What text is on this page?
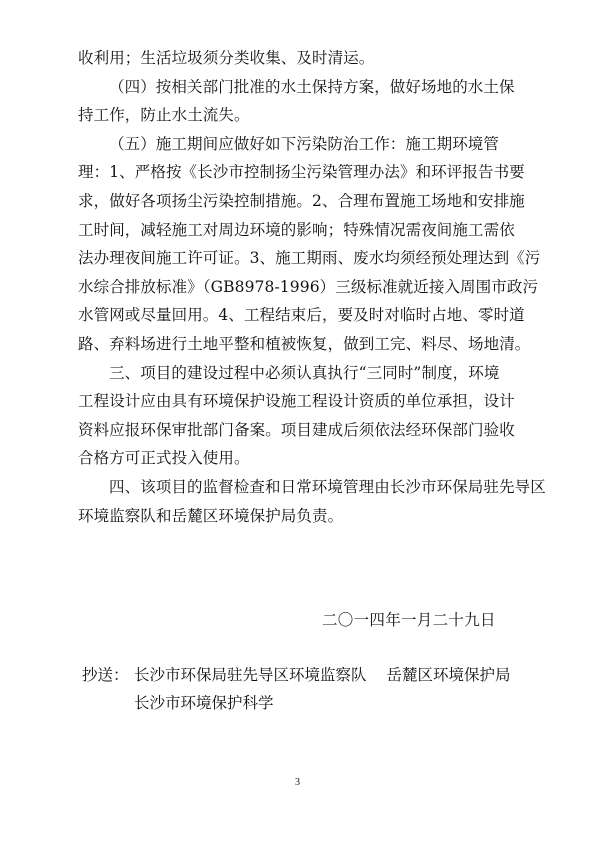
收利用；生活垃圾须分类收集、及时清运。

（四）按相关部门批准的水土保持方案，做好场地的水土保
持工作，防止水土流失。

（五）施工期间应做好如下污染防治工作：施工期环境管
理：1、严格按《长沙市控制扬尘污染管理办法》和环评报告书要
求，做好各项扬尘污染控制措施。2、合理布置施工场地和安排施
工时间，减轻施工对周边环境的影响；特殊情况需夜间施工需依
法办理夜间施工许可证。3、施工期雨、废水均须经预处理达到《污
水综合排放标准》（GB8978-1996）三级标准就近接入周围市政污
水管网或尽量回用。4、工程结束后，要及时对临时占地、零时道
路、弃料场进行土地平整和植被恢复，做到工完、料尽、场地清。

三、项目的建设过程中必须认真执行“三同时”制度，环境
工程设计应由具有环境保护设施工程设计资质的单位承担，设计
资料应报环保审批部门备案。项目建成后须依法经环保部门验收
合格方可正式投入使用。

四、该项目的监督检查和日常环境管理由长沙市环保局驻先导区
环境监察队和岳麓区环境保护局负责。

二〇一四年一月二十九日
抄送： 长沙市环保局驻先导区环境监察队 岳麓区环境保护局
长沙市环境保护科学
3
